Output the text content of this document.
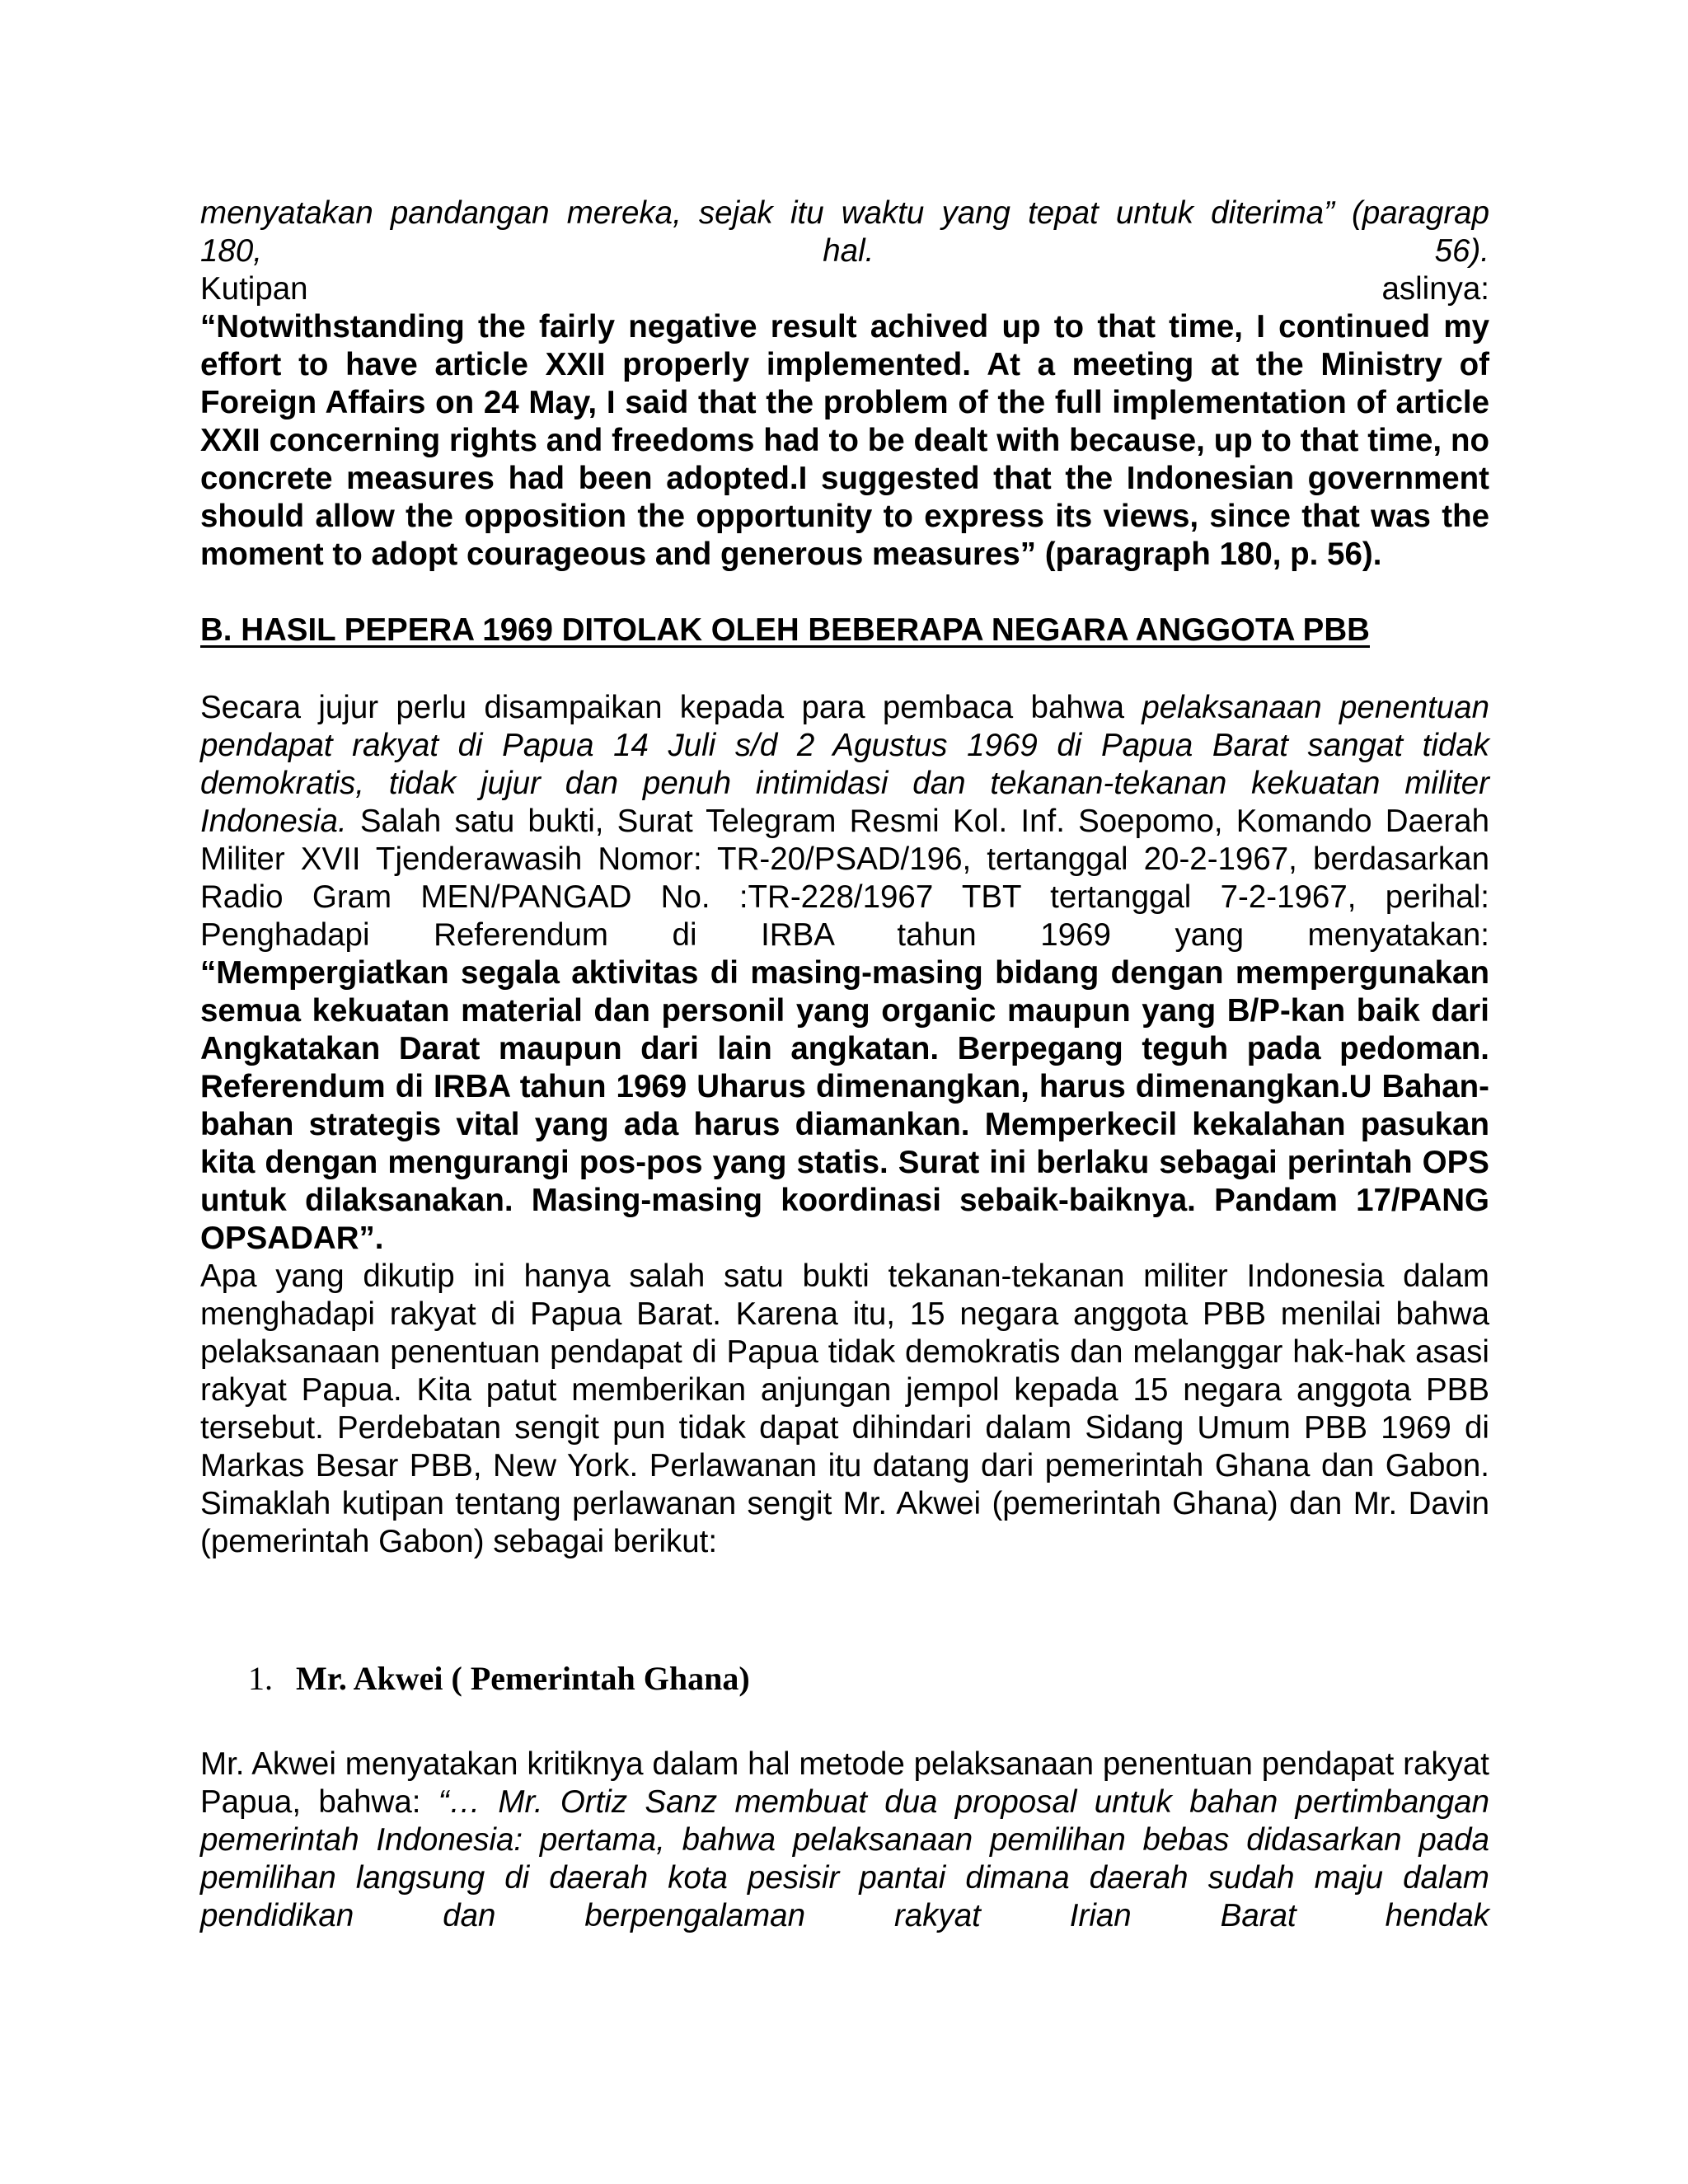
menyatakan pandangan mereka, sejak itu waktu yang tepat untuk diterima” (paragrap

180, hal. 56).

Kutipan aslinya:

“Notwithstanding the fairly negative result achived up to that time, I continued my effort to have article XXII properly implemented. At a meeting at the Ministry of Foreign Affairs on 24 May, I said that the problem of the full implementation of article XXII concerning rights and freedoms had to be dealt with because, up to that time, no concrete measures had been adopted.I suggested that the Indonesian government should allow the opposition the opportunity to express its views, since that was the moment to adopt courageous and generous measures” (paragraph 180, p. 56).

B. HASIL PEPERA 1969 DITOLAK OLEH BEBERAPA NEGARA ANGGOTA PBB

Secara jujur perlu disampaikan kepada para pembaca bahwa pelaksanaan penentuan pendapat rakyat di Papua 14 Juli s/d 2 Agustus 1969 di Papua Barat sangat tidak demokratis, tidak jujur dan penuh intimidasi dan tekanan-tekanan kekuatan militer Indonesia. Salah satu bukti, Surat Telegram Resmi Kol. Inf. Soepomo, Komando Daerah Militer XVII Tjenderawasih Nomor: TR-20/PSAD/196, tertanggal 20-2-1967, berdasarkan Radio Gram MEN/PANGAD No. :TR-228/1967 TBT tertanggal 7-2-1967, perihal: Penghadapi Referendum di IRBA tahun 1969 yang menyatakan:

“Mempergiatkan segala aktivitas di masing-masing bidang dengan mempergunakan semua kekuatan material dan personil yang organic maupun yang B/P-kan baik dari Angkatakan Darat maupun dari lain angkatan. Berpegang teguh pada pedoman. Referendum di IRBA tahun 1969 Uharus dimenangkan, harus dimenangkan.U Bahan-bahan strategis vital yang ada harus diamankan. Memperkecil kekalahan pasukan kita dengan mengurangi pos-pos yang statis. Surat ini berlaku sebagai perintah OPS untuk dilaksanakan. Masing-masing koordinasi sebaik-baiknya. Pandam 17/PANG OPSADAR”.

Apa yang dikutip ini hanya salah satu bukti tekanan-tekanan militer Indonesia dalam menghadapi rakyat di Papua Barat. Karena itu, 15 negara anggota PBB menilai bahwa pelaksanaan penentuan pendapat di Papua tidak demokratis dan melanggar hak-hak asasi rakyat Papua. Kita patut memberikan anjungan jempol kepada 15 negara anggota PBB tersebut. Perdebatan sengit pun tidak dapat dihindari dalam Sidang Umum PBB 1969 di Markas Besar PBB, New York. Perlawanan itu datang dari pemerintah Ghana dan Gabon. Simaklah kutipan tentang perlawanan sengit Mr. Akwei (pemerintah Ghana) dan Mr. Davin (pemerintah Gabon) sebagai berikut:

1. Mr. Akwei ( Pemerintah Ghana)

Mr. Akwei menyatakan kritiknya dalam hal metode pelaksanaan penentuan pendapat rakyat Papua, bahwa: “… Mr. Ortiz Sanz membuat dua proposal untuk bahan pertimbangan pemerintah Indonesia: pertama, bahwa pelaksanaan pemilihan bebas didasarkan pada pemilihan langsung di daerah kota pesisir pantai dimana daerah sudah maju dalam pendidikan dan berpengalaman rakyat Irian Barat hendak
